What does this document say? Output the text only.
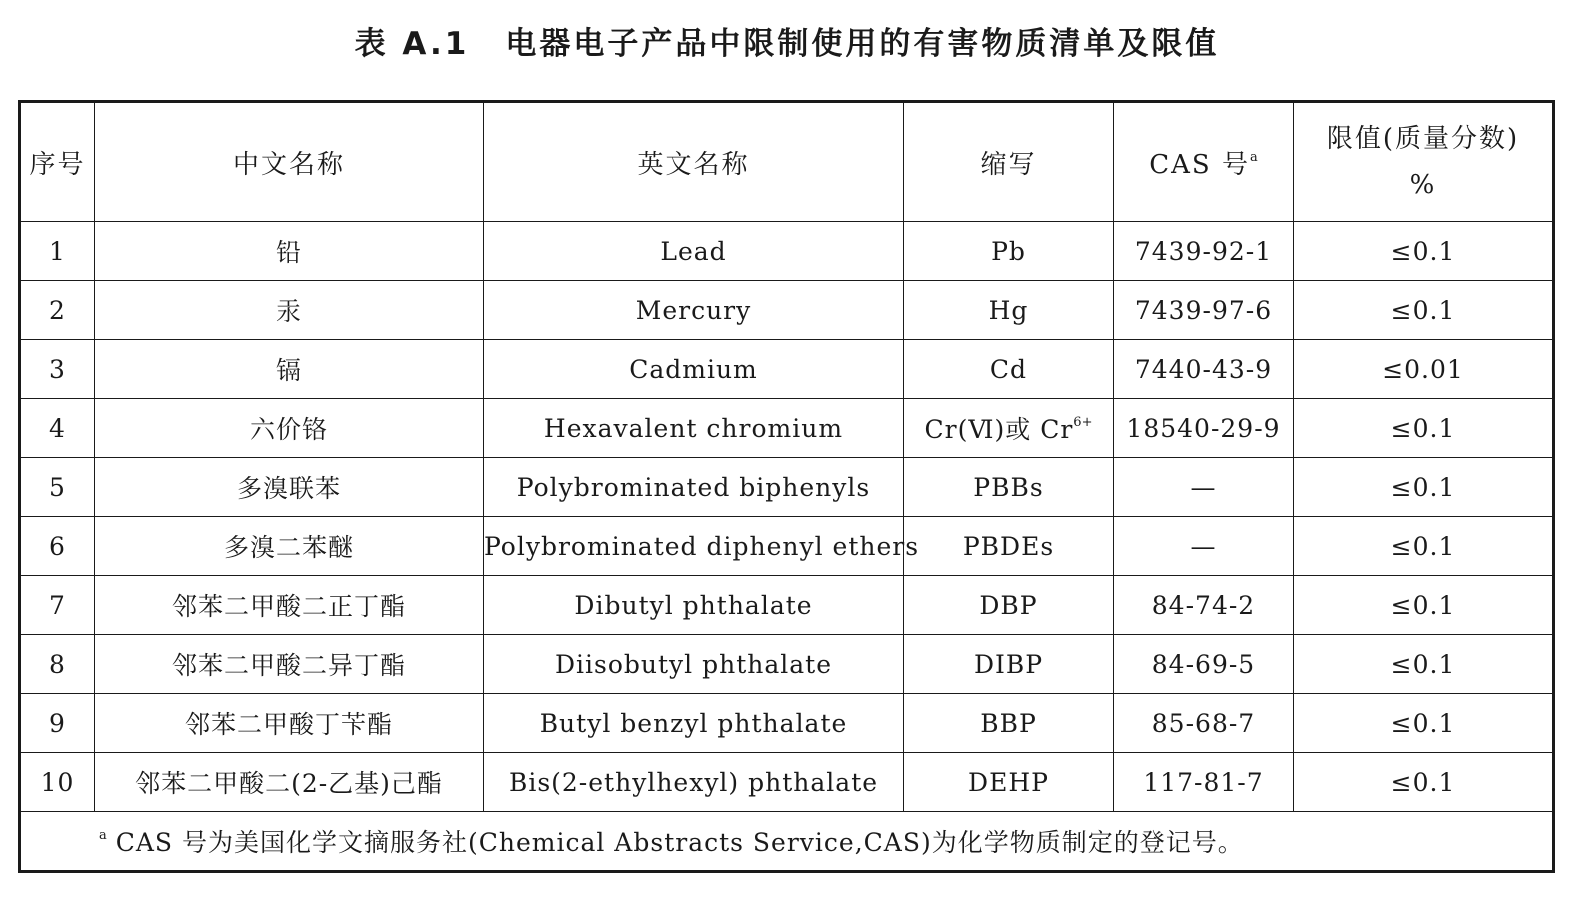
表 A.1 电器电子产品中限制使用的有害物质清单及限值
序号	中文名称	英文名称	缩写	CAS 号$^a$	限值(质量分数)
%

1	铅	Lead	Pb	7439-92-1	≤0.1
2	汞	Mercury	Hg	7439-97-6	≤0.1
3	镉	Cadmium	Cd	7440-43-9	≤0.01
4	六价铬	Hexavalent chromium	Cr(Ⅵ)或 $Cr^{6+}$	18540-29-9	≤0.1
5	多溴联苯	Polybrominated biphenyls	PBBs	—	≤0.1
6	多溴二苯醚	Polybrominated diphenyl ethers	PBDEs	—	≤0.1
7	邻苯二甲酸二正丁酯	Dibutyl phthalate	DBP	84-74-2	≤0.1
8	邻苯二甲酸二异丁酯	Diisobutyl phthalate	DIBP	84-69-5	≤0.1
9	邻苯二甲酸丁苄酯	Butyl benzyl phthalate	BBP	85-68-7	≤0.1
10	邻苯二甲酸二(2-乙基)己酯	Bis(2-ethylhexyl) phthalate	DEHP	117-81-7	≤0.1
$^a$ CAS 号为美国化学文摘服务社(Chemical Abstracts Service,CAS)为化学物质制定的登记号。					
